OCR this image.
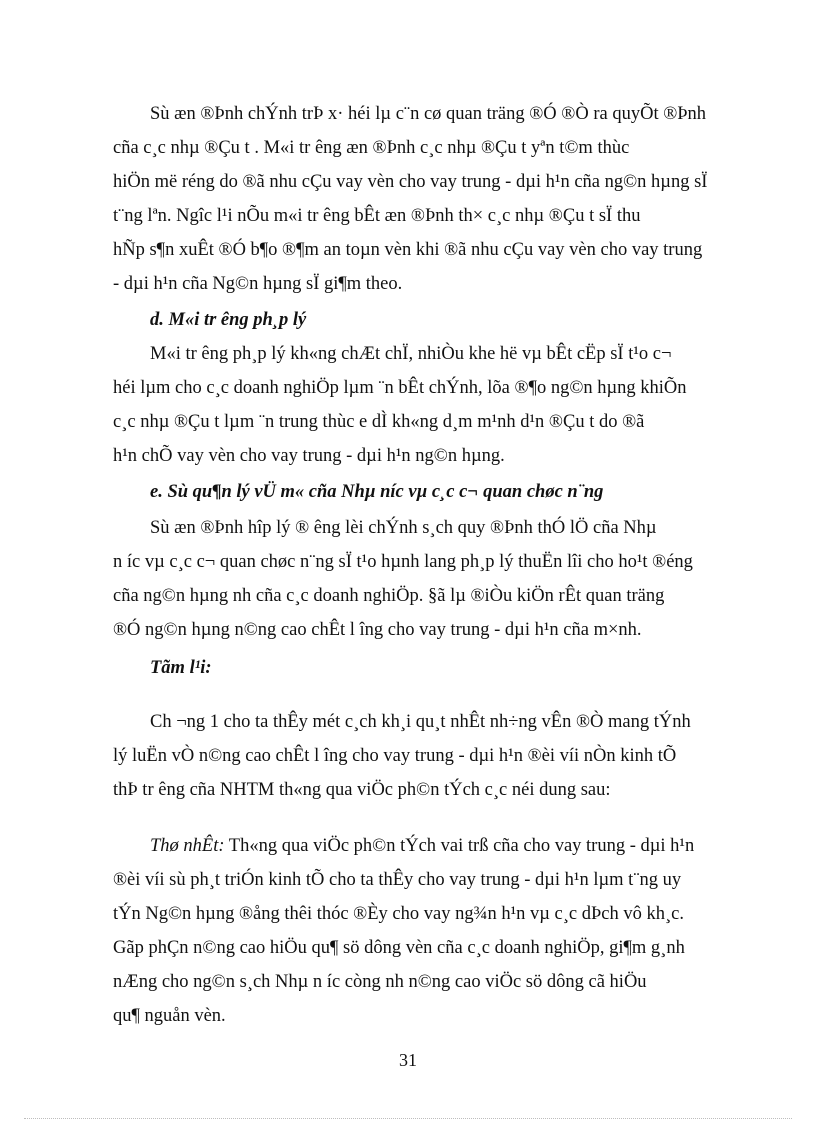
Sù æn ®Þnh chÝnh trÞ x· héi lµ c¨n cø quan träng ®Ó ®Ò ra quyÕt ®Þnh
cña c¸c nhµ ®Çu t . M«i tr êng æn ®Þnh c¸c nhµ ®Çu t yªn t©m thùc
hiÖn më réng do ®ã nhu cÇu vay vèn cho vay trung - dµi h¹n cña ng©n hµng sÏ
t¨ng lªn. Ngîc l¹i nÕu m«i tr êng bÊt æn ®Þnh th× c¸c nhµ ®Çu t sÏ thu
hÑp s¶n xuÊt ®Ó b¶o ®¶m an toµn vèn khi ®ã nhu cÇu vay vèn cho vay trung
- dµi h¹n cña Ng©n hµng sÏ gi¶m theo.
d. M«i tr êng ph¸p lý
M«i tr êng ph¸p lý kh«ng chÆt chÏ, nhiÒu khe hë vµ bÊt cËp sÏ t¹o c¬
héi lµm cho c¸c doanh nghiÖp lµm ¨n bÊt chÝnh, lõa ®¶o ng©n hµng khiÕn
c¸c nhµ ®Çu t lµm ¨n trung thùc e dÌ kh«ng d¸m m¹nh d¹n ®Çu t do ®ã
h¹n chÕ vay vèn cho vay trung - dµi h¹n ng©n hµng.
e. Sù qu¶n lý vÜ m« cña Nhµ níc vµ c¸c c¬ quan chøc n¨ng
Sù æn ®Þnh hîp lý ® êng lèi chÝnh s¸ch quy ®Þnh thÓ lÖ cña Nhµ
n íc vµ c¸c c¬ quan chøc n¨ng sÏ t¹o hµnh lang ph¸p lý thuËn lîi cho ho¹t ®éng
cña ng©n hµng nh cña c¸c doanh nghiÖp. §ã lµ ®iÒu kiÖn rÊt quan träng
®Ó ng©n hµng n©ng cao chÊt l îng cho vay trung - dµi h¹n cña m×nh.
Tãm l¹i:
Ch ¬ng 1 cho ta thÊy mét c¸ch kh¸i qu¸t nhÊt nh÷ng vÊn ®Ò mang tÝnh
lý luËn vÒ n©ng cao chÊt l îng cho vay trung - dµi h¹n ®èi víi nÒn kinh tÕ
thÞ tr êng cña NHTM th«ng qua viÖc ph©n tÝch c¸c néi dung sau:
Thø nhÊt: Th«ng qua viÖc ph©n tÝch vai trß cña cho vay trung - dµi h¹n
®èi víi sù ph¸t triÓn kinh tÕ cho ta thÊy cho vay trung - dµi h¹n lµm t¨ng uy
tÝn Ng©n hµng ®ång thêi thóc ®Èy cho vay ng¾n h¹n vµ c¸c dÞch vô kh¸c.
Gãp phÇn n©ng cao hiÖu qu¶ sö dông vèn cña c¸c doanh nghiÖp, gi¶m g¸nh
nÆng cho ng©n s¸ch Nhµ n íc còng nh n©ng cao viÖc sö dông cã hiÖu
qu¶ nguån vèn.
31
